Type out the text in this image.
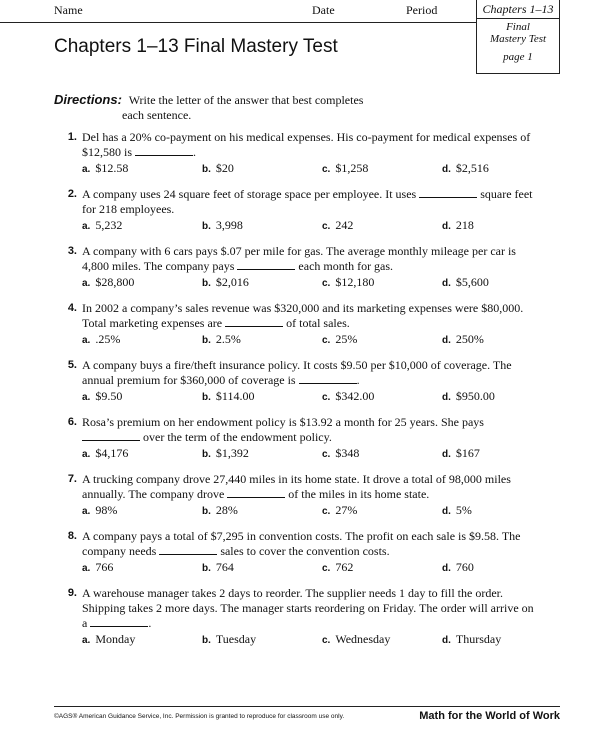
Name	Date	Period	Chapters 1–13
Final
Mastery Test
page 1
Chapters 1–13 Final Mastery Test
Directions: Write the letter of the answer that best completes
each sentence.
1. Del has a 20% co-payment on his medical expenses. His co-payment for medical expenses of $12,580 is	.
a. $12.58	b. $20	c. $1,258	d. $2,516
2. A company uses 24 square feet of storage space per employee. It uses	square feet for 218 employees.
a. 5,232	b. 3,998	c. 242	d. 218
3. A company with 6 cars pays $.07 per mile for gas. The average monthly mileage per car is 4,800 miles. The company pays	each month for gas.
a. $28,800	b. $2,016	c. $12,180	d. $5,600
4. In 2002 a company’s sales revenue was $320,000 and its marketing expenses were $80,000. Total marketing expenses are	of total sales.
a. .25%	b. 2.5%	c. 25%	d. 250%
5. A company buys a fire/theft insurance policy. It costs $9.50 per $10,000 of coverage. The annual premium for $360,000 of coverage is	.
a. $9.50	b. $114.00	c. $342.00	d. $950.00
6. Rosa’s premium on her endowment policy is $13.92 a month for 25 years. She pays  over the term of the endowment policy.
a. $4,176	b. $1,392	c. $348	d. $167
7. A trucking company drove 27,440 miles in its home state. It drove a total of 98,000 miles annually. The company drove	of the miles in its home state.
a. 98%	b. 28%	c. 27%	d. 5%
8. A company pays a total of $7,295 in convention costs. The profit on each sale is $9.58. The company needs	sales to cover the convention costs.
a. 766	b. 764	c. 762	d. 760
9. A warehouse manager takes 2 days to reorder. The supplier needs 1 day to fill the order. Shipping takes 2 more days. The manager starts reordering on Friday. The order will arrive on a	.
a. Monday	b. Tuesday	c. Wednesday	d. Thursday
©AGS® American Guidance Service, Inc. Permission is granted to reproduce for classroom use only.	Math for the World of Work
